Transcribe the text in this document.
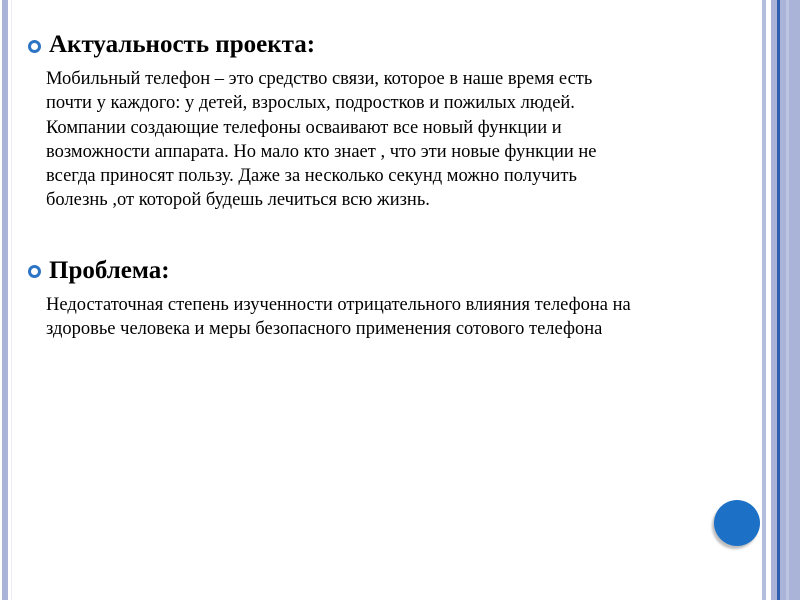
Актуальность проекта:
Мобильный телефон – это средство связи, которое в наше время есть
почти у каждого: у детей, взрослых, подростков и пожилых людей.
Компании создающие телефоны осваивают все новый функции и
возможности аппарата. Но мало кто знает , что эти новые функции не
всегда приносят пользу. Даже за несколько секунд можно получить
болезнь ,от которой будешь лечиться всю жизнь.
Проблема:
Недостаточная степень изученности отрицательного влияния телефона на
здоровье человека и меры безопасного применения сотового телефона
